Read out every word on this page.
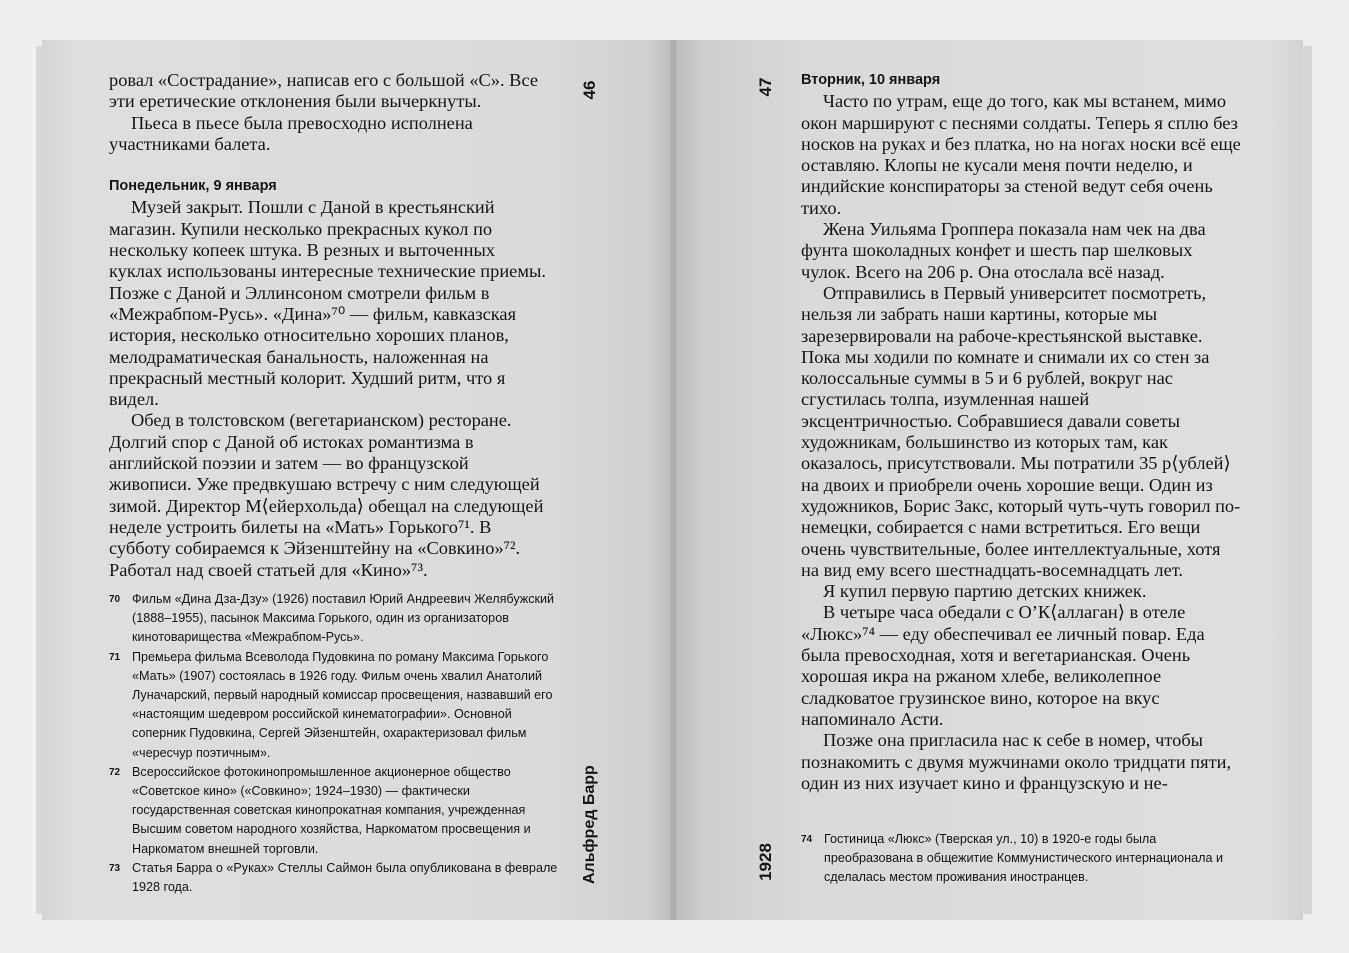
ровал «Сострадание», написав его с большой «С». Все эти еретические отклонения были вычеркнуты.

Пьеса в пьесе была превосходно исполнена участниками балета.

Понедельник, 9 января

Музей закрыт. Пошли с Даной в крестьянский магазин. Купили несколько прекрасных кукол по нескольку копеек штука. В резных и выточенных куклах использованы интересные технические приемы. Позже с Даной и Эллинсоном смотрели фильм в «Межрабпом-Русь». «Дина»⁷⁰ — фильм, кавказская история, несколько относительно хороших планов, мелодраматическая банальность, наложенная на прекрасный местный колорит. Худший ритм, что я видел.

Обед в толстовском (вегетарианском) ресторане. Долгий спор с Даной об истоках романтизма в английской поэзии и затем — во французской живописи. Уже предвкушаю встречу с ним следующей зимой. Директор М⟨ейерхольда⟩ обещал на следующей неделе устроить билеты на «Мать» Горького⁷¹. В субботу собираемся к Эйзенштейну на «Совкино»⁷². Работал над своей статьей для «Кино»⁷³.

70 Фильм «Дина Дза-Дзу» (1926) поставил Юрий Андреевич Желябужский (1888–1955), пасынок Максима Горького, один из организаторов кинотоварищества «Межрабпом-Русь».
71 Премьера фильма Всеволода Пудовкина по роману Максима Горького «Мать» (1907) состоялась в 1926 году. Фильм очень хвалил Анатолий Луначарский, первый народный комиссар просвещения, назвавший его «настоящим шедевром российской кинематографии». Основной соперник Пудовкина, Сергей Эйзенштейн, охарактеризовал фильм «чересчур поэтичным».
72 Всероссийское фотокинопромышленное акционерное общество «Советское кино» («Совкино»; 1924–1930) — фактически государственная советская кинопрокатная компания, учрежденная Высшим советом народного хозяйства, Наркоматом просвещения и Наркоматом внешней торговли.
73 Статья Барра о «Руках» Стеллы Саймон была опубликована в феврале 1928 года.
46
Альфред Барр
47
1928

Вторник, 10 января

Часто по утрам, еще до того, как мы встанем, мимо окон маршируют с песнями солдаты. Теперь я сплю без носков на руках и без платка, но на ногах носки всё еще оставляю. Клопы не кусали меня почти неделю, и индийские конспираторы за стеной ведут себя очень тихо.

Жена Уильяма Гроппера показала нам чек на два фунта шоколадных конфет и шесть пар шелковых чулок. Всего на 206 р. Она отослала всё назад.

Отправились в Первый университет посмотреть, нельзя ли забрать наши картины, которые мы зарезервировали на рабоче-крестьянской выставке. Пока мы ходили по комнате и снимали их со стен за колоссальные суммы в 5 и 6 рублей, вокруг нас сгустилась толпа, изумленная нашей эксцентричностью. Собравшиеся давали советы художникам, большинство из которых там, как оказалось, присутствовали. Мы потратили 35 р⟨ублей⟩ на двоих и приобрели очень хорошие вещи. Один из художников, Борис Закс, который чуть-чуть говорил по-немецки, собирается с нами встретиться. Его вещи очень чувствительные, более интеллектуальные, хотя на вид ему всего шестнадцать-восемнадцать лет.

Я купил первую партию детских книжек.

В четыре часа обедали с О’К⟨аллаган⟩ в отеле «Люкс»⁷⁴ — еду обеспечивал ее личный повар. Еда была превосходная, хотя и вегетарианская. Очень хорошая икра на ржаном хлебе, великолепное сладковатое грузинское вино, которое на вкус напоминало Асти.

Позже она пригласила нас к себе в номер, чтобы познакомить с двумя мужчинами около тридцати пяти, один из них изучает кино и французскую и не-

74 Гостиница «Люкс» (Тверская ул., 10) в 1920-е годы была преобразована в общежитие Коммунистического интернационала и сделалась местом проживания иностранцев.
